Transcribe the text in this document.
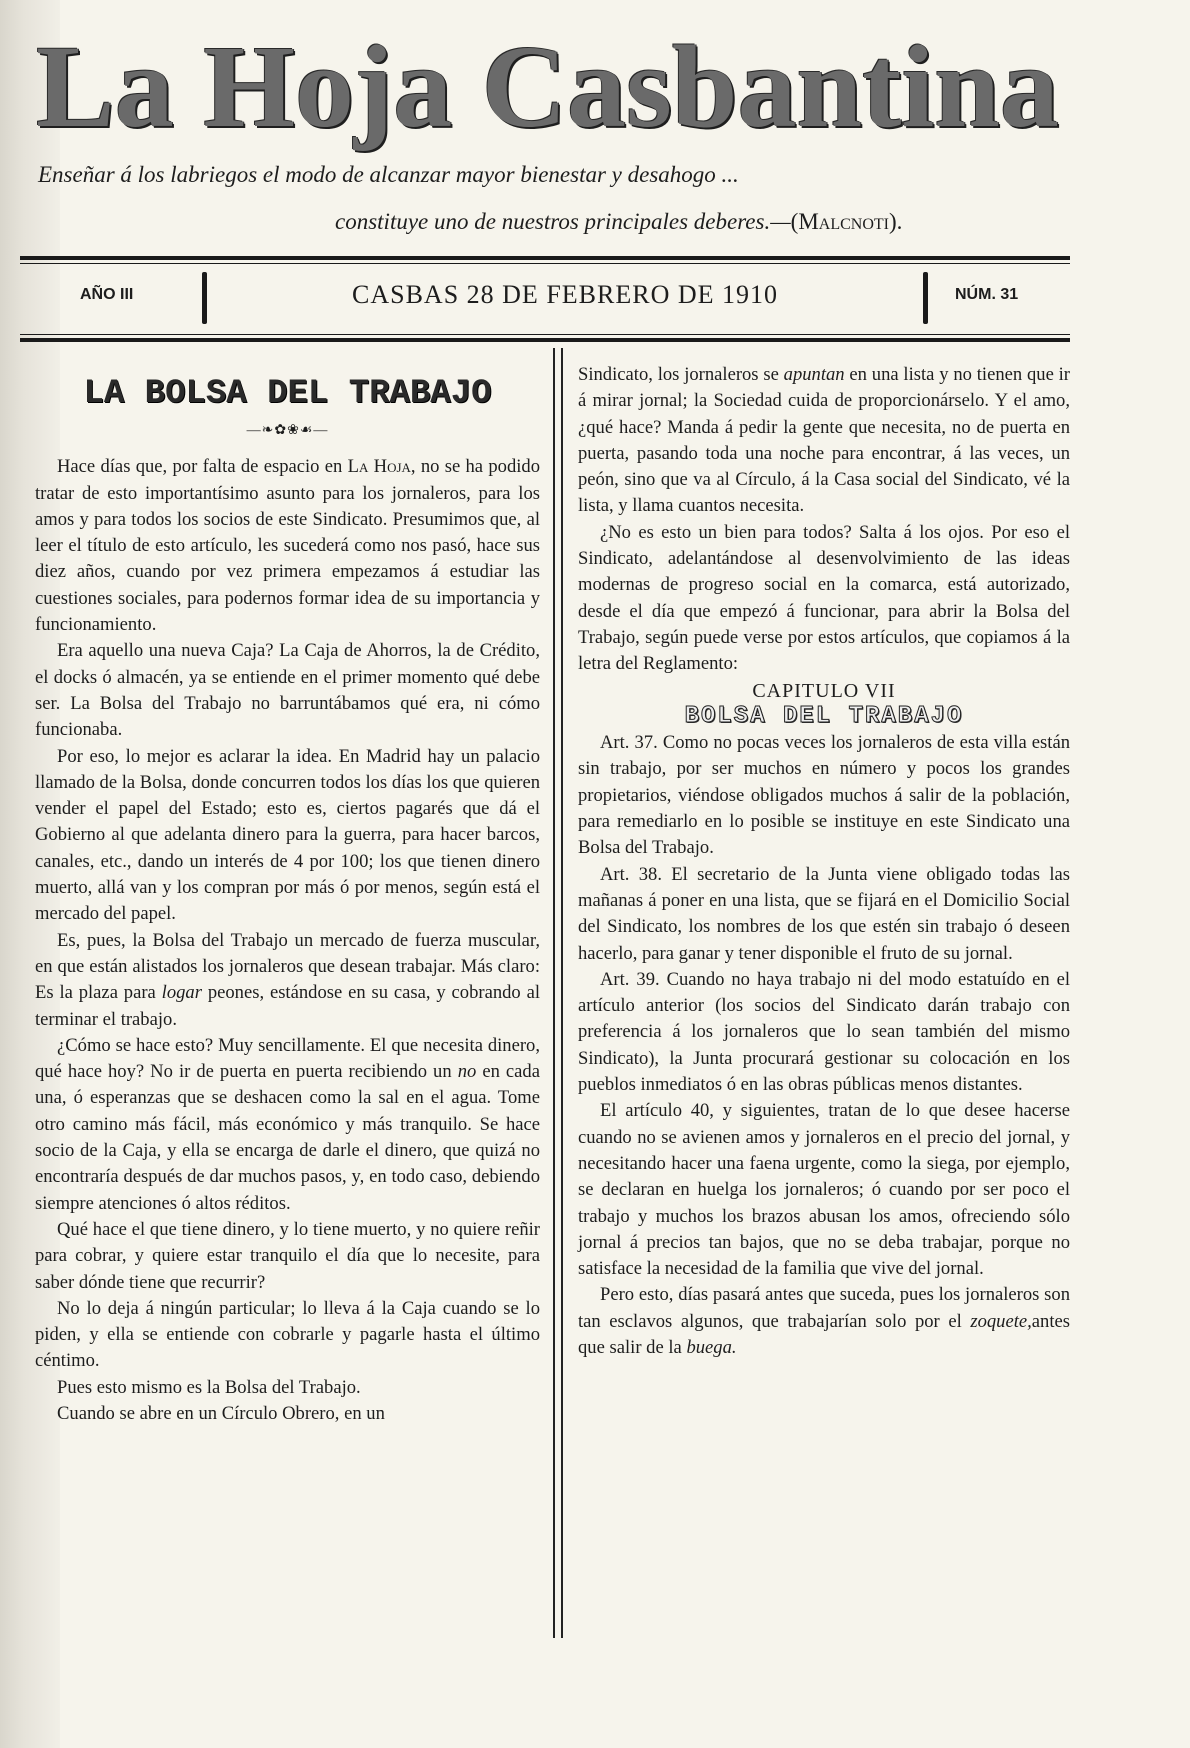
La Hoja Casbantina
Enseñar á los labriegos el modo de alcanzar mayor bienestar y desahogo ...
constituye uno de nuestros principales deberes.—(Malcnoti).
AÑO III	CASBAS 28 DE FEBRERO DE 1910	NÚM. 31
LA BOLSA DEL TRABAJO
—❧✿❀☙—

Hace días que, por falta de espacio en La Hoja, no se ha podido tratar de esto importantísimo asunto para los jornaleros, para los amos y para todos los socios de este Sindicato. Presumimos que, al leer el título de esto artículo, les sucederá como nos pasó, hace sus diez años, cuando por vez primera empezamos á estudiar las cuestiones sociales, para podernos formar idea de su importancia y funcionamiento.

Era aquello una nueva Caja? La Caja de Ahorros, la de Crédito, el docks ó almacén, ya se entiende en el primer momento qué debe ser. La Bolsa del Trabajo no barruntábamos qué era, ni cómo funcionaba.

Por eso, lo mejor es aclarar la idea. En Madrid hay un palacio llamado de la Bolsa, donde concurren todos los días los que quieren vender el papel del Estado; esto es, ciertos pagarés que dá el Gobierno al que adelanta dinero para la guerra, para hacer barcos, canales, etc., dando un interés de 4 por 100; los que tienen dinero muerto, allá van y los compran por más ó por menos, según está el mercado del papel.

Es, pues, la Bolsa del Trabajo un mercado de fuerza muscular, en que están alistados los jornaleros que desean trabajar. Más claro: Es la plaza para logar peones, estándose en su casa, y cobrando al terminar el trabajo.

¿Cómo se hace esto? Muy sencillamente. El que necesita dinero, qué hace hoy? No ir de puerta en puerta recibiendo un no en cada una, ó esperanzas que se deshacen como la sal en el agua. Tome otro camino más fácil, más económico y más tranquilo. Se hace socio de la Caja, y ella se encarga de darle el dinero, que quizá no encontraría después de dar muchos pasos, y, en todo caso, debiendo siempre atenciones ó altos réditos.

Qué hace el que tiene dinero, y lo tiene muerto, y no quiere reñir para cobrar, y quiere estar tranquilo el día que lo necesite, para saber dónde tiene que recurrir?

No lo deja á ningún particular; lo lleva á la Caja cuando se lo piden, y ella se entiende con cobrarle y pagarle hasta el último céntimo.

Pues esto mismo es la Bolsa del Trabajo.

Cuando se abre en un Círculo Obrero, en un

Sindicato, los jornaleros se apuntan en una lista y no tienen que ir á mirar jornal; la Sociedad cuida de proporcionárselo. Y el amo, ¿qué hace? Manda á pedir la gente que necesita, no de puerta en puerta, pasando toda una noche para encontrar, á las veces, un peón, sino que va al Círculo, á la Casa social del Sindicato, vé la lista, y llama cuantos necesita.

¿No es esto un bien para todos? Salta á los ojos. Por eso el Sindicato, adelantándose al desenvolvimiento de las ideas modernas de progreso social en la comarca, está autorizado, desde el día que empezó á funcionar, para abrir la Bolsa del Trabajo, según puede verse por estos artículos, que copiamos á la letra del Reglamento:

CAPITULO VII

BOLSA DEL TRABAJO

Art. 37. Como no pocas veces los jornaleros de esta villa están sin trabajo, por ser muchos en número y pocos los grandes propietarios, viéndose obligados muchos á salir de la población, para remediarlo en lo posible se instituye en este Sindicato una Bolsa del Trabajo.

Art. 38. El secretario de la Junta viene obligado todas las mañanas á poner en una lista, que se fijará en el Domicilio Social del Sindicato, los nombres de los que estén sin trabajo ó deseen hacerlo, para ganar y tener disponible el fruto de su jornal.

Art. 39. Cuando no haya trabajo ni del modo estatuído en el artículo anterior (los socios del Sindicato darán trabajo con preferencia á los jornaleros que lo sean también del mismo Sindicato), la Junta procurará gestionar su colocación en los pueblos inmediatos ó en las obras públicas menos distantes.

El artículo 40, y siguientes, tratan de lo que desee hacerse cuando no se avienen amos y jornaleros en el precio del jornal, y necesitando hacer una faena urgente, como la siega, por ejemplo, se declaran en huelga los jornaleros; ó cuando por ser poco el trabajo y muchos los brazos abusan los amos, ofreciendo sólo jornal á precios tan bajos, que no se deba trabajar, porque no satisface la necesidad de la familia que vive del jornal.

Pero esto, días pasará antes que suceda, pues los jornaleros son tan esclavos algunos, que trabajarían solo por el zoquete,antes que salir de la buega.
